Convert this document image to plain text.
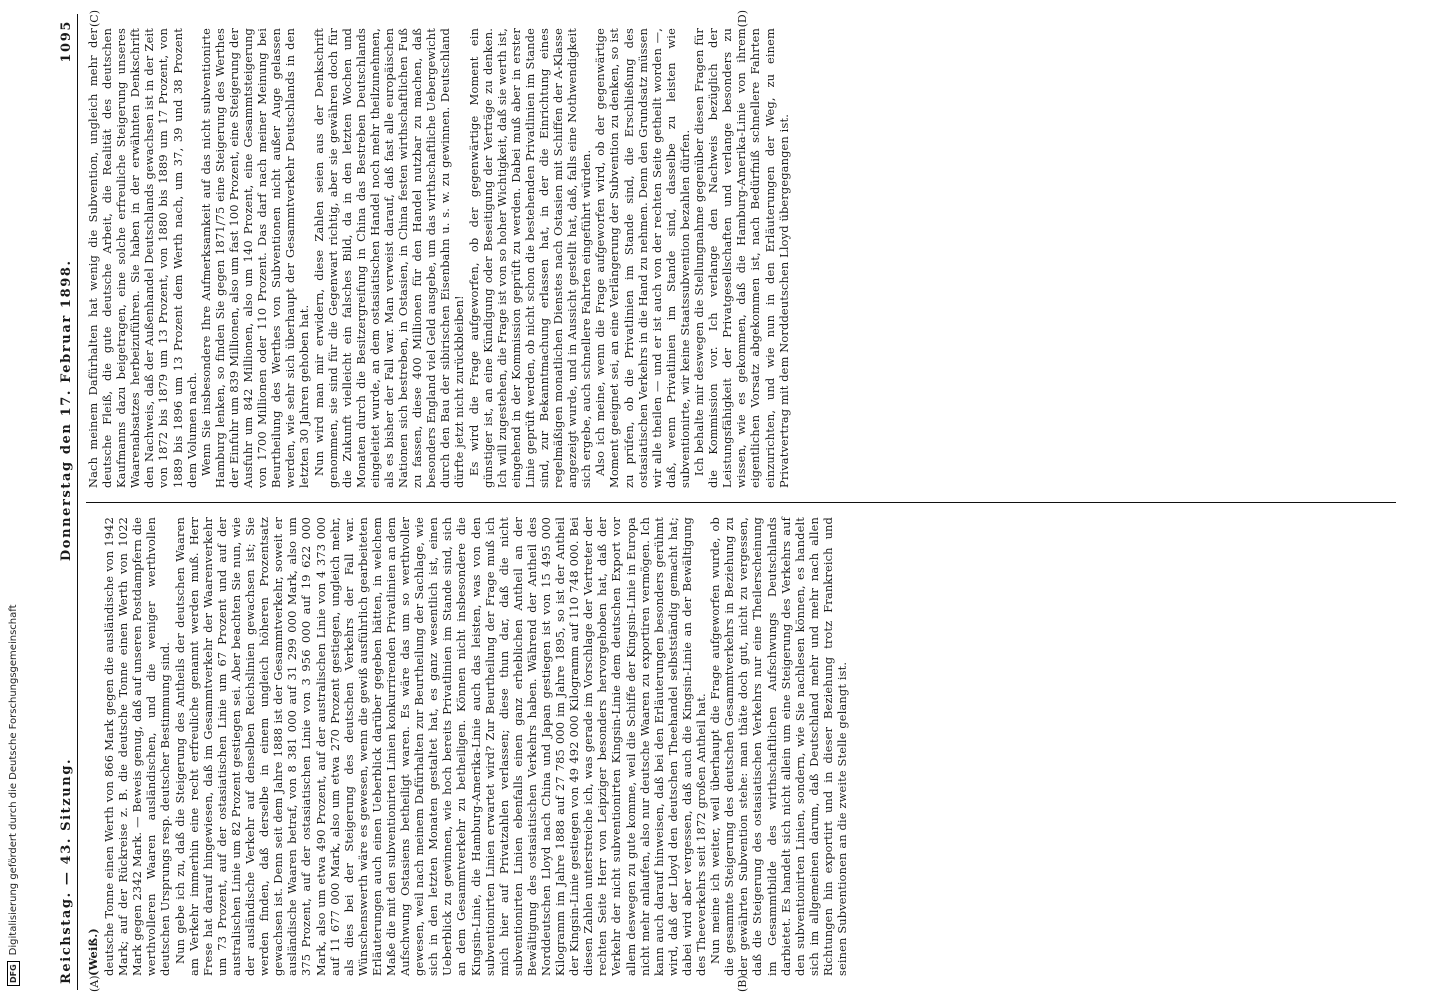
DFG
Digitalisierung gefördert durch die Deutsche Forschungsgemeinschaft	Reichstag. — 43. Sitzung.
Donnerstag den 17. Februar 1898.
1095
(A)	(B)
(C)	(D)
(Weiß.) deutsche Tonne einen Werth von 866 Mark gegen die ausländische von 1942 Mark; auf der Rückreise z. B. die deutsche Tonne einen Werth von 1022 Mark gegen 2342 Mark. — Beweis genug, daß auf unseren Postdampfern die werthvolleren Waaren ausländischen, und die weniger werthvollen deutschen Ursprungs resp. deutscher Bestimmung sind. Nun gebe ich zu, daß die Steigerung des Antheils der deutschen Waaren am Verkehr immerhin eine recht erfreuliche genannt werden muß. Herr Frese hat darauf hingewiesen, daß im Gesammtverkehr der Waarenverkehr um 73 Prozent, auf der ostasiatischen Linie um 67 Prozent und auf der australischen Linie um 82 Prozent gestiegen sei. Aber beachten Sie nun, wie der ausländische Verkehr auf denselben Reichslinien gewachsen ist; Sie werden finden, daß derselbe in einem ungleich höheren Prozentsatz gewachsen ist. Denn seit dem Jahre 1888 ist der Gesammtverkehr, soweit er ausländische Waaren betraf, von 8 381 000 auf 31 299 000 Mark, also um 375 Prozent, auf der ostasiatischen Linie von 3 956 000 auf 19 622 000 Mark, also um etwa 490 Prozent, auf der australischen Linie von 4 373 000 auf 11 677 000 Mark, also um etwa 270 Prozent gestiegen, ungleich mehr, als dies bei der Steigerung des deutschen Verkehrs der Fall war. Wünschenswerth wäre es gewesen, wenn die gewiß ausführlich gearbeiteten Erläuterungen auch einen Ueberblick darüber gegeben hätten, in welchem Maße die mit den subventionirten Linien konkurrirenden Privatlinien an dem Aufschwung Ostasiens betheiligt waren. Es wäre das um so werthvoller gewesen, weil nach meinem Dafürhalten zur Beurtheilung der Sachlage, wie sich in den letzten Monaten gestaltet hat, es ganz wesentlich ist, einen Ueberblick zu gewinnen, wie hoch bereits Privatlinien im Stande sind, sich an dem Gesammtverkehr zu betheiligen. Können nicht insbesondere die Kingsin-Linie, die Hamburg-Amerika-Linie auch das leisten, was von den subventionirten Linien erwartet wird? Zur Beurtheilung der Frage muß ich mich hier auf Privatzahlen verlassen; diese thun dar, daß die nicht subventionirten Linien ebenfalls einen ganz erheblichen Antheil an der Bewältigung des ostasiatischen Verkehrs haben. Während der Antheil des Norddeutschen Lloyd nach China und Japan gestiegen ist von 15 495 000 Kilogramm im Jahre 1888 auf 27 785 000 im Jahre 1895, so ist der Antheil der Kingsin-Linie gestiegen von 49 492 000 Kilogramm auf 110 748 000. Bei diesen Zahlen unterstreiche ich, was gerade im Vorschlage der Vertreter der rechten Seite Herr von Leipziger besonders hervorgehoben hat, daß der Verkehr der nicht subventionirten Kingsin-Linie dem deutschen Export vor allem deswegen zu gute komme, weil die Schiffe der Kingsin-Linie in Europa nicht mehr anlaufen, also nur deutsche Waaren zu exportiren vermögen. Ich kann auch darauf hinweisen, daß bei den Erläuterungen besonders gerühmt wird, daß der Lloyd den deutschen Theehandel selbstständig gemacht hat; dabei wird aber vergessen, daß auch die Kingsin-Linie an der Bewältigung des Theeverkehrs seit 1872 großen Antheil hat. Nun meine ich weiter, weil überhaupt die Frage aufgeworfen wurde, ob die gesammte Steigerung des deutschen Gesammtverkehrs in Beziehung zu der gewährten Subvention stehe: man thäte doch gut, nicht zu vergessen, daß die Steigerung des ostasiatischen Verkehrs nur eine Theilerscheinung im Gesammtbilde des wirthschaftlichen Aufschwungs Deutschlands darbietet. Es handelt sich nicht allein um eine Steigerung des Verkehrs auf den subventionirten Linien, sondern, wie Sie nachlesen können, es handelt sich im allgemeinen darum, daß Deutschland mehr und mehr nach allen Richtungen hin exportirt und in dieser Beziehung trotz Frankreich und seinen Subventionen an die zweite Stelle gelangt ist.

Nach meinem Dafürhalten hat wenig die Subvention, ungleich mehr der deutsche Fleiß, die gute deutsche Arbeit, die Realität des deutschen Kaufmanns dazu beigetragen, eine solche erfreuliche Steigerung unseres Waarenabsatzes herbeizuführen. Sie haben in der erwähnten Denkschrift den Nachweis, daß der Außenhandel Deutschlands gewachsen ist in der Zeit von 1872 bis 1879 um 13 Prozent, von 1880 bis 1889 um 17 Prozent, von 1889 bis 1896 um 13 Prozent dem Werth nach, um 37, 39 und 38 Prozent dem Volumen nach. Wenn Sie insbesondere Ihre Aufmerksamkeit auf das nicht subventionirte Hamburg lenken, so finden Sie gegen 1871/75 eine Steigerung des Werthes der Einfuhr um 839 Millionen, also um fast 100 Prozent, eine Steigerung der Ausfuhr um 842 Millionen, also um 140 Prozent, eine Gesammtsteigerung von 1700 Millionen oder 110 Prozent. Das darf nach meiner Meinung bei Beurtheilung des Werthes von Subventionen nicht außer Auge gelassen werden, wie sehr sich überhaupt der Gesammtverkehr Deutschlands in den letzten 30 Jahren gehoben hat. Nun wird man mir erwidern, diese Zahlen seien aus der Denkschrift genommen, sie sind für die Gegenwart richtig, aber sie gewähren doch für die Zukunft vielleicht ein falsches Bild, da in den letzten Wochen und Monaten durch die Besitzergreifung in China das Bestreben Deutschlands eingeleitet wurde, an dem ostasiatischen Handel noch mehr theilzunehmen, als es bisher der Fall war. Man verweist darauf, daß fast alle europäischen Nationen sich bestreben, in Ostasien, in China festen wirthschaftlichen Fuß zu fassen, diese 400 Millionen für den Handel nutzbar zu machen, daß besonders England viel Geld ausgebe, um das wirthschaftliche Uebergewicht durch den Bau der sibirischen Eisenbahn u. s. w. zu gewinnen. Deutschland dürfte jetzt nicht zurückbleiben! Es wird die Frage aufgeworfen, ob der gegenwärtige Moment ein günstiger ist, an eine Kündigung oder Beseitigung der Verträge zu denken. Ich will zugestehen, die Frage ist von so hoher Wichtigkeit, daß sie werth ist, eingehend in der Kommission geprüft zu werden. Dabei muß aber in erster Linie geprüft werden, ob nicht schon die bestehenden Privatlinien im Stande sind, zur Bekanntmachung erlassen hat, in der die Einrichtung eines regelmäßigen monatlichen Dienstes nach Ostasien mit Schiffen der A-Klasse angezeigt wurde, und in Aussicht gestellt hat, daß, falls eine Nothwendigkeit sich ergebe, auch schnellere Fahrten eingeführt würden. Also ich meine, wenn die Frage aufgeworfen wird, ob der gegenwärtige Moment geeignet sei, an eine Verlängerung der Subvention zu denken, so ist zu prüfen, ob die Privatlinien im Stande sind, die Erschließung des ostasiatischen Verkehrs in die Hand zu nehmen. Denn den Grundsatz müssen wir alle theilen — und er ist auch von der rechten Seite getheilt worden —, daß, wenn Privatlinien im Stande sind, dasselbe zu leisten wie subventionirte, wir keine Staatssubvention bezahlen dürfen. Ich behalte mir deswegen die Stellungnahme gegenüber diesen Fragen für die Kommission vor. Ich verlange den Nachweis bezüglich der Leistungsfähigkeit der Privatgesellschaften und verlange besonders zu wissen, wie es gekommen, daß die Hamburg-Amerika-Linie von ihrem eigentlichen Vorsatz abgekommen ist, nach Bedürfniß schnellere Fahrten einzurichten, und wie nun in den Erläuterungen der Weg, zu einem Privatvertrag mit dem Norddeutschen Lloyd übergegangen ist.
